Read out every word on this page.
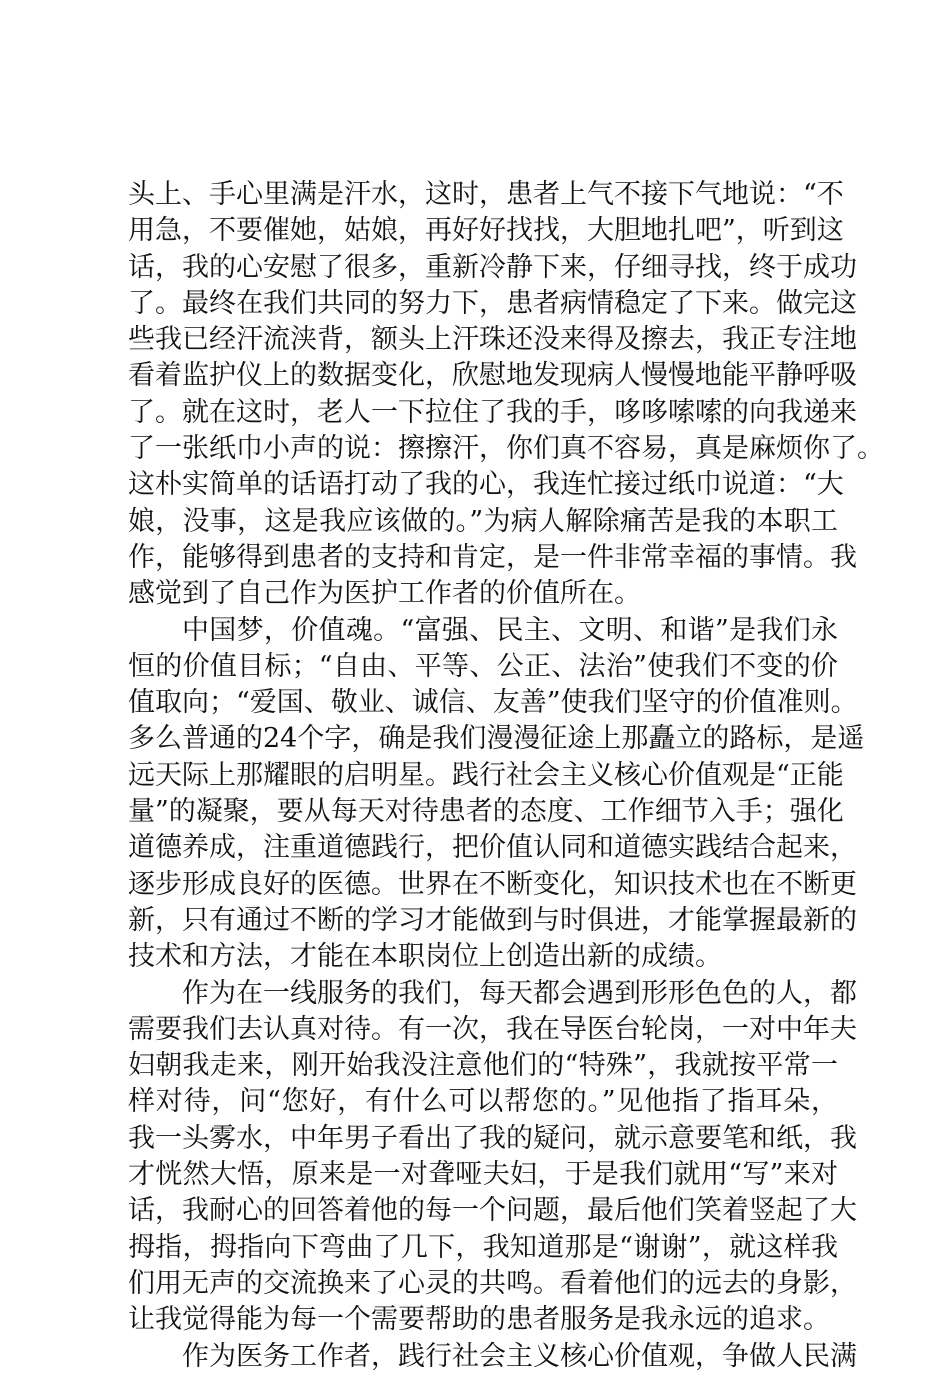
头上、手心里满是汗水，这时，患者上气不接下气地说：“不
用急，不要催她，姑娘，再好好找找，大胆地扎吧”，听到这
话，我的心安慰了很多，重新冷静下来，仔细寻找，终于成功
了。最终在我们共同的努力下，患者病情稳定了下来。做完这
些我已经汗流浃背，额头上汗珠还没来得及擦去，我正专注地
看着监护仪上的数据变化，欣慰地发现病人慢慢地能平静呼吸
了。就在这时，老人一下拉住了我的手，哆哆嗦嗦的向我递来
了一张纸巾小声的说：擦擦汗，你们真不容易，真是麻烦你了。
这朴实简单的话语打动了我的心，我连忙接过纸巾说道：“大
娘，没事，这是我应该做的。”为病人解除痛苦是我的本职工
作，能够得到患者的支持和肯定，是一件非常幸福的事情。我
感觉到了自己作为医护工作者的价值所在。
中国梦，价值魂。“富强、民主、文明、和谐”是我们永
恒的价值目标；“自由、平等、公正、法治”使我们不变的价
值取向；“爱国、敬业、诚信、友善”使我们坚守的价值准则。
多么普通的24个字，确是我们漫漫征途上那矗立的路标，是遥
远天际上那耀眼的启明星。践行社会主义核心价值观是“正能
量”的凝聚，要从每天对待患者的态度、工作细节入手；强化
道德养成，注重道德践行，把价值认同和道德实践结合起来，
逐步形成良好的医德。世界在不断变化，知识技术也在不断更
新，只有通过不断的学习才能做到与时俱进，才能掌握最新的
技术和方法，才能在本职岗位上创造出新的成绩。
作为在一线服务的我们，每天都会遇到形形色色的人，都
需要我们去认真对待。有一次，我在导医台轮岗，一对中年夫
妇朝我走来，刚开始我没注意他们的“特殊”，我就按平常一
样对待，问“您好，有什么可以帮您的。”见他指了指耳朵，
我一头雾水，中年男子看出了我的疑问，就示意要笔和纸，我
才恍然大悟，原来是一对聋哑夫妇，于是我们就用“写”来对
话，我耐心的回答着他的每一个问题，最后他们笑着竖起了大
拇指，拇指向下弯曲了几下，我知道那是“谢谢”，就这样我
们用无声的交流换来了心灵的共鸣。看着他们的远去的身影，
让我觉得能为每一个需要帮助的患者服务是我永远的追求。
作为医务工作者，践行社会主义核心价值观，争做人民满
